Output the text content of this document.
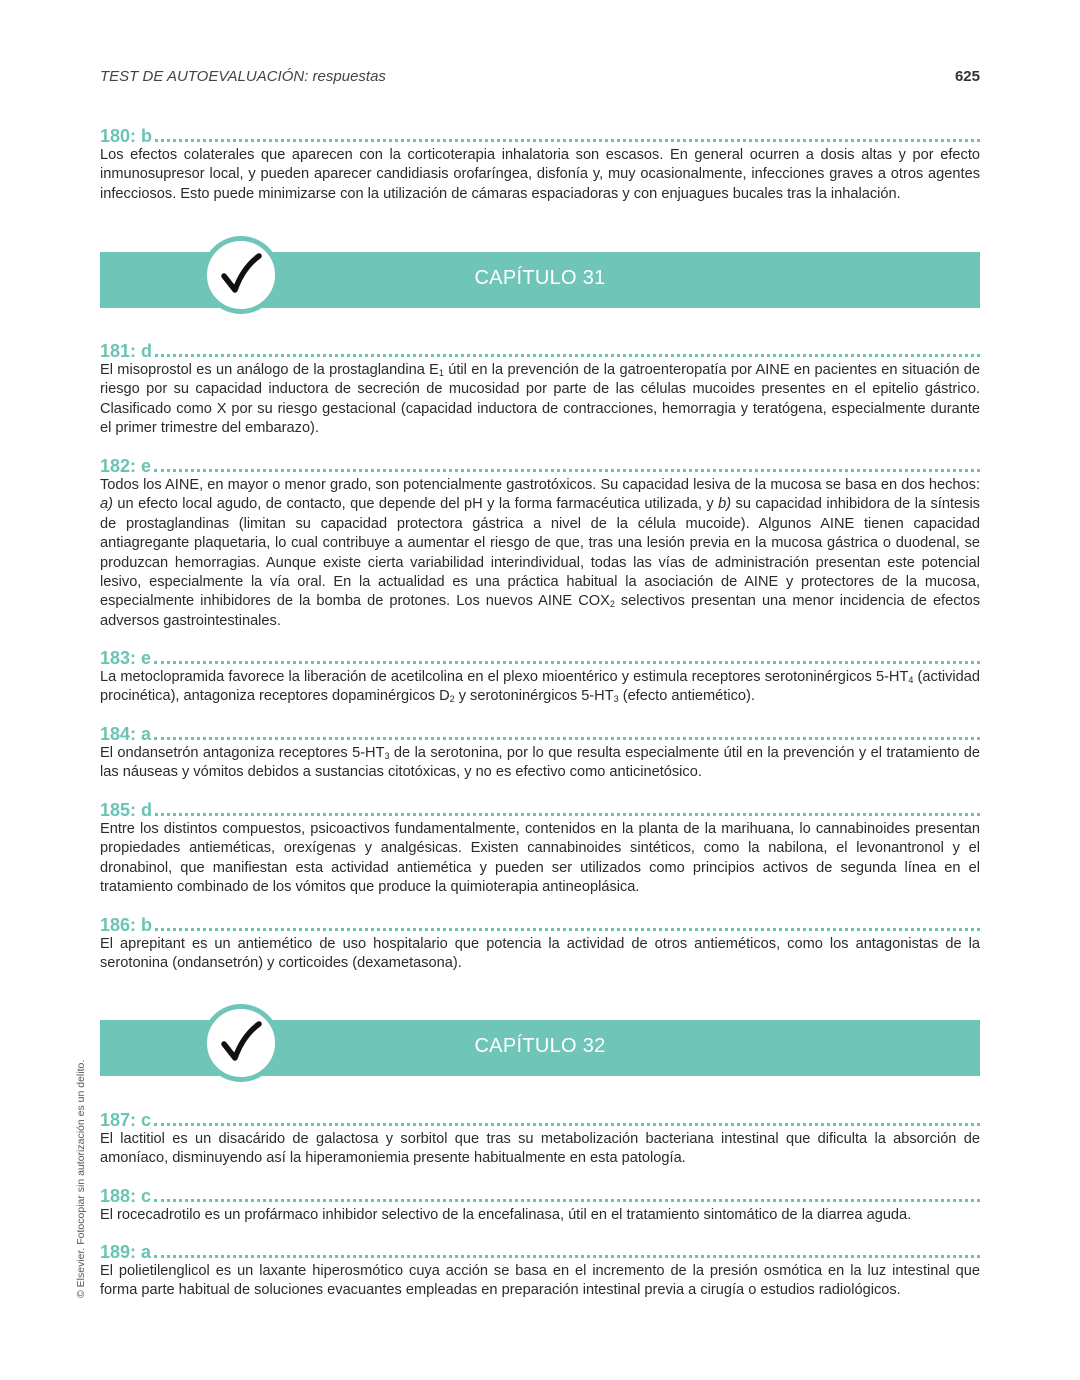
TEST DE AUTOEVALUACIÓN: respuestas	625
180: b

Los efectos colaterales que aparecen con la corticoterapia inhalatoria son escasos. En general ocurren a dosis altas y por efecto inmunosupresor local, y pueden aparecer candidiasis orofaríngea, disfonía y, muy ocasionalmente, infecciones graves a otros agentes infecciosos. Esto puede minimizarse con la utilización de cámaras espaciadoras y con enjuagues bucales tras la inhalación.

CAPÍTULO 31
181: d

El misoprostol es un análogo de la prostaglandina $E_1$ útil en la prevención de la gatroenteropatía por AINE en pacientes en situación de riesgo por su capacidad inductora de secreción de mucosidad por parte de las células mucoides presentes en el epitelio gástrico. Clasificado como X por su riesgo gestacional (capacidad inductora de contracciones, hemorragia y teratógena, especialmente durante el primer trimestre del embarazo).

182: e

Todos los AINE, en mayor o menor grado, son potencialmente gastrotóxicos. Su capacidad lesiva de la mucosa se basa en dos hechos: a) un efecto local agudo, de contacto, que depende del pH y la forma farmacéutica utilizada, y b) su capacidad inhibidora de la síntesis de prostaglandinas (limitan su capacidad protectora gástrica a nivel de la célula mucoide). Algunos AINE tienen capacidad antiagregante plaquetaria, lo cual contribuye a aumentar el riesgo de que, tras una lesión previa en la mucosa gástrica o duodenal, se produzcan hemorragias. Aunque existe cierta variabilidad interindividual, todas las vías de administración presentan este potencial lesivo, especialmente la vía oral. En la actualidad es una práctica habitual la asociación de AINE y protectores de la mucosa, especialmente inhibidores de la bomba de protones. Los nuevos AINE $COX_2$ selectivos presentan una menor incidencia de efectos adversos gastrointestinales.

183: e

La metoclopramida favorece la liberación de acetilcolina en el plexo mioentérico y estimula receptores serotoninérgicos $5-HT_4$ (actividad procinética), antagoniza receptores dopaminérgicos $D_2$ y serotoninérgicos $5-HT_3$ (efecto antiemético).

184: a

El ondansetrón antagoniza receptores $5-HT_3$ de la serotonina, por lo que resulta especialmente útil en la prevención y el tratamiento de las náuseas y vómitos debidos a sustancias citotóxicas, y no es efectivo como anticinetósico.

185: d

Entre los distintos compuestos, psicoactivos fundamentalmente, contenidos en la planta de la marihuana, lo cannabinoides presentan propiedades antieméticas, orexígenas y analgésicas. Existen cannabinoides sintéticos, como la nabilona, el levonantronol y el dronabinol, que manifiestan esta actividad antiemética y pueden ser utilizados como principios activos de segunda línea en el tratamiento combinado de los vómitos que produce la quimioterapia antineoplásica.

186: b

El aprepitant es un antiemético de uso hospitalario que potencia la actividad de otros antieméticos, como los antagonistas de la serotonina (ondansetrón) y corticoides (dexametasona).

CAPÍTULO 32
187: c

El lactitiol es un disacárido de galactosa y sorbitol que tras su metabolización bacteriana intestinal que dificulta la absorción de amoníaco, disminuyendo así la hiperamoniemia presente habitualmente en esta patología.

188: c

El rocecadrotilo es un profármaco inhibidor selectivo de la encefalinasa, útil en el tratamiento sintomático de la diarrea aguda.

189: a

El polietilenglicol es un laxante hiperosmótico cuya acción se basa en el incremento de la presión osmótica en la luz intestinal que forma parte habitual de soluciones evacuantes empleadas en preparación intestinal previa a cirugía o estudios radiológicos.

© Elsevier. Fotocopiar sin autorización es un delito.
